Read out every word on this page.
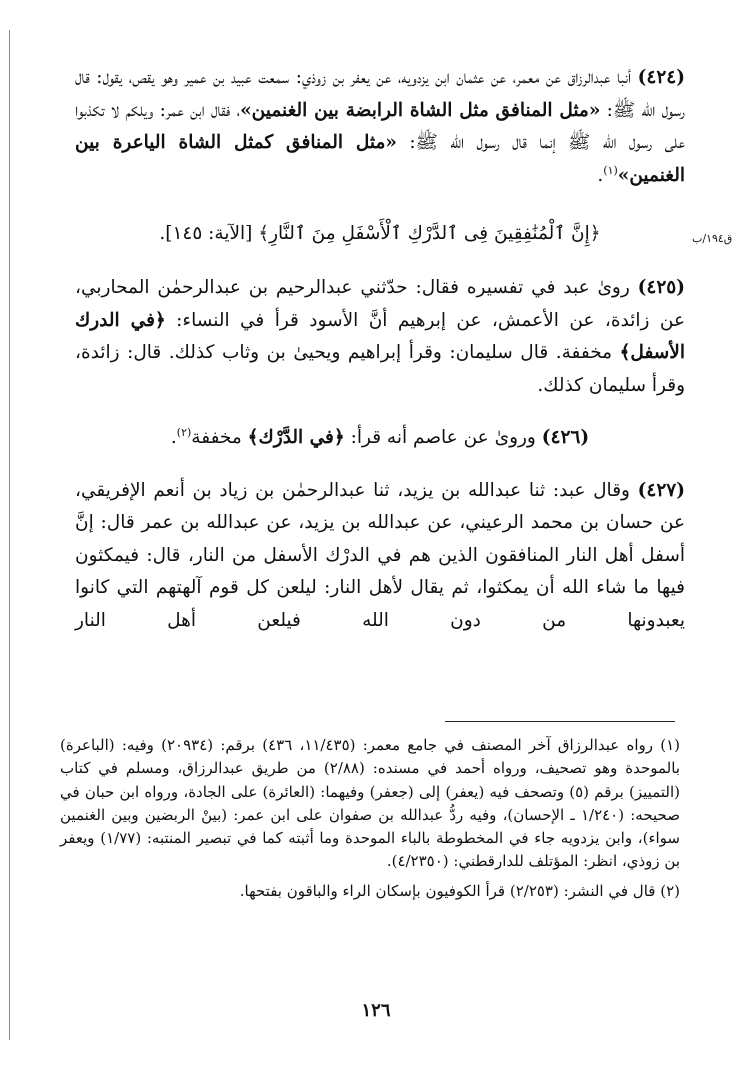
ق١٩٤/ب

(٤٢٤) أنبا عبدالرزاق عن معمر، عن عثمان ابن يزدويه، عن يعفر بن زوذي: سمعت عبيد بن عمير وهو يقص، يقول: قال رسول الله ﷺ: «مثل المنافق مثل الشاة الرابضة بين الغنمين»، فقال ابن عمر: ويلكم لا تكذبوا على رسول الله ﷺ إنما قال رسول الله ﷺ: «مثل المنافق كمثل الشاة الياعرة بين الغنمين»$^{(١)}$.

﴿إِنَّ ٱلْمُنَٰفِقِينَ فِى ٱلدَّرْكِ ٱلْأَسْفَلِ مِنَ ٱلنَّارِ﴾ [الآية: ١٤٥].

(٤٢٥) روىٰ عبد في تفسيره فقال: حدّثني عبدالرحيم بن عبدالرحمٰن المحاربي، عن زائدة، عن الأعمش، عن إبرهيم أنَّ الأسود قرأ في النساء: ﴿في الدرك الأسفل﴾ مخففة. قال سليمان: وقرأ إبراهيم ويحيىٰ بن وثاب كذلك. قال: زائدة، وقرأ سليمان كذلك.

(٤٢٦) ورویٰ عن عاصم أنه قرأ: ﴿في الدَّرْك﴾ مخففة$^{(٢)}$.

(٤٢٧) وقال عبد: ثنا عبدالله بن يزيد، ثنا عبدالرحمٰن بن زياد بن أنعم الإفريقي، عن حسان بن محمد الرعيني، عن عبدالله بن يزيد، عن عبدالله بن عمر قال: إنَّ أسفل أهل النار المنافقون الذين هم في الدرْك الأسفل من النار، قال: فيمكثون فيها ما شاء الله أن يمكثوا، ثم يقال لأهل النار: ليلعن كل قوم آلهتهم التي كانوا يعبدونها من دون الله فيلعن أهل النار

(١) رواه عبدالرزاق آخر المصنف في جامع معمر: (١١/٤٣٥، ٤٣٦) برقم: (٢٠٩٣٤) وفيه: (الباعرة) بالموحدة وهو تصحيف، ورواه أحمد في مسنده: (٢/٨٨) من طريق عبدالرزاق، ومسلم في كتاب (التمييز) برقم (٥) وتصحف فيه (يعفر) إلى (جعفر) وفيهما: (العائرة) على الجادة، ورواه ابن حبان في صحيحه: (١/٢٤٠ ـ الإحسان)، وفيه ردُّ عبدالله بن صفوان على ابن عمر: (بينْ الربضين وبين الغنمين سواء)، وابن يزدويه جاء في المخطوطة بالباء الموحدة وما أثبته كما في تبصير المنتبه: (١/٧٧) ويعفر بن زوذي، انظر: المؤتلف للدارقطني: (٤/٢٣٥٠).

(٢) قال في النشر: (٢/٢٥٣) قرأ الكوفيون بإسكان الراء والباقون بفتحها.

١٢٦
